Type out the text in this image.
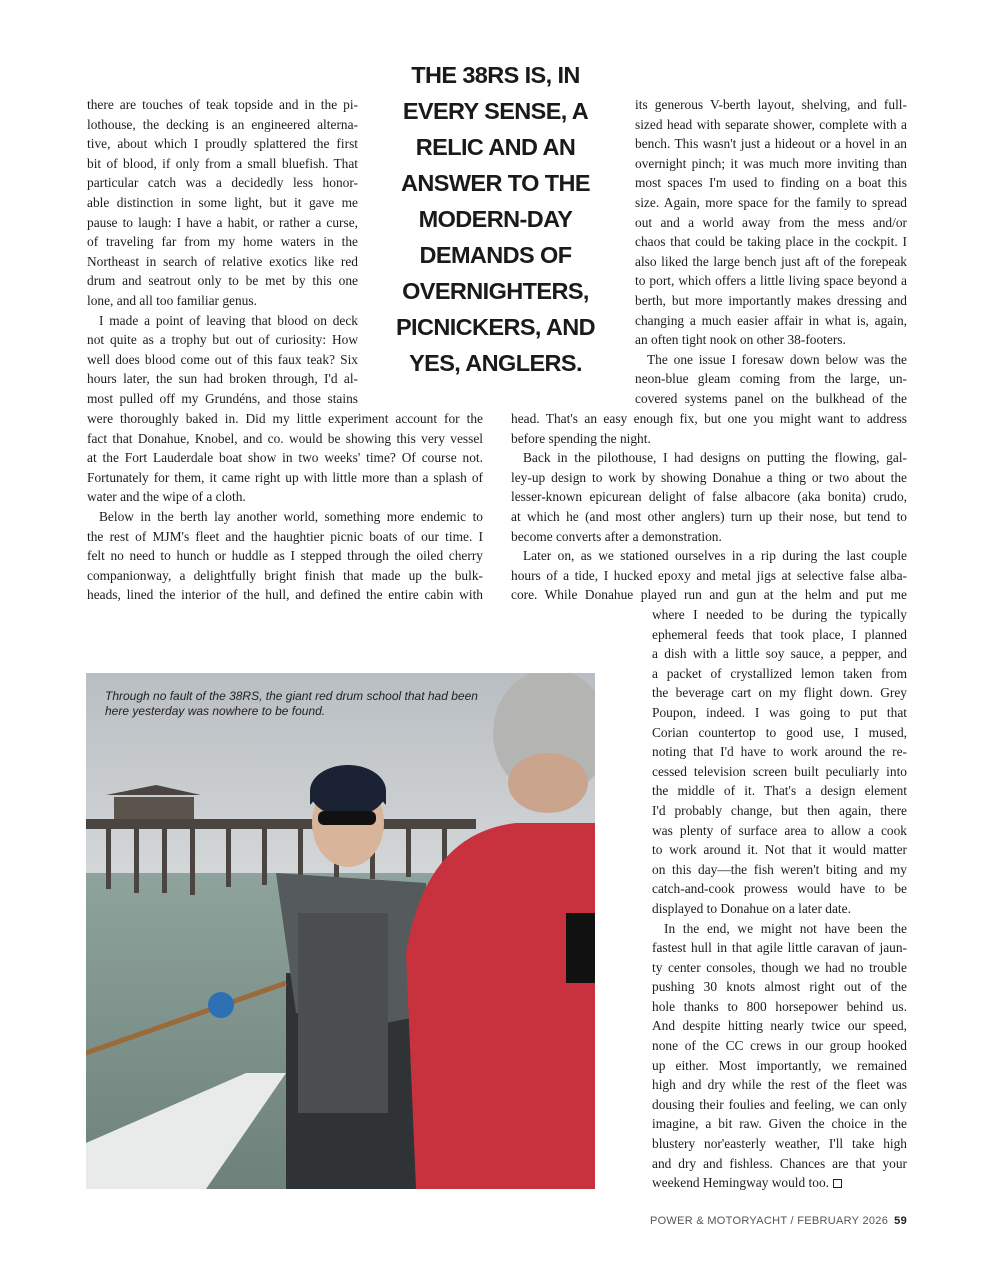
THE 38RS IS, IN EVERY SENSE, A RELIC AND AN ANSWER TO THE MODERN-DAY DEMANDS OF OVERNIGHTERS, PICNICKERS, AND YES, ANGLERS.
there are touches of teak topside and in the pi-
lothouse, the decking is an engineered alterna-
tive, about which I proudly splattered the first
bit of blood, if only from a small bluefish. That
particular catch was a decidedly less honor-
able distinction in some light, but it gave me
pause to laugh: I have a habit, or rather a curse,
of traveling far from my home waters in the
Northeast in search of relative exotics like red
drum and seatrout only to be met by this one
lone, and all too familiar genus.
I made a point of leaving that blood on deck
not quite as a trophy but out of curiosity: How
well does blood come out of this faux teak? Six
hours later, the sun had broken through, I'd al-
most pulled off my Grundéns, and those stains
were thoroughly baked in. Did my little experiment account for the
fact that Donahue, Knobel, and co. would be showing this very vessel
at the Fort Lauderdale boat show in two weeks' time? Of course not.
Fortunately for them, it came right up with little more than a splash of
water and the wipe of a cloth.
Below in the berth lay another world, something more endemic to
the rest of MJM's fleet and the haughtier picnic boats of our time. I
felt no need to hunch or huddle as I stepped through the oiled cherry
companionway, a delightfully bright finish that made up the bulk-
heads, lined the interior of the hull, and defined the entire cabin with
its generous V-berth layout, shelving, and full-
sized head with separate shower, complete with a
bench. This wasn't just a hideout or a hovel in an
overnight pinch; it was much more inviting than
most spaces I'm used to finding on a boat this
size. Again, more space for the family to spread
out and a world away from the mess and/or
chaos that could be taking place in the cockpit. I
also liked the large bench just aft of the forepeak
to port, which offers a little living space beyond a
berth, but more importantly makes dressing and
changing a much easier affair in what is, again,
an often tight nook on other 38-footers.
The one issue I foresaw down below was the
neon-blue gleam coming from the large, un-
covered systems panel on the bulkhead of the
head. That's an easy enough fix, but one you might want to address
before spending the night.
Back in the pilothouse, I had designs on putting the flowing, gal-
ley-up design to work by showing Donahue a thing or two about the
lesser-known epicurean delight of false albacore (aka bonita) crudo,
at which he (and most other anglers) turn up their nose, but tend to
become converts after a demonstration.
Later on, as we stationed ourselves in a rip during the last couple
hours of a tide, I hucked epoxy and metal jigs at selective false alba-
core. While Donahue played run and gun at the helm and put me
where I needed to be during the typically
ephemeral feeds that took place, I planned
a dish with a little soy sauce, a pepper, and
a packet of crystallized lemon taken from
the beverage cart on my flight down. Grey
Poupon, indeed. I was going to put that
Corian countertop to good use, I mused,
noting that I'd have to work around the re-
cessed television screen built peculiarly into
the middle of it. That's a design element
I'd probably change, but then again, there
was plenty of surface area to allow a cook
to work around it. Not that it would matter
on this day—the fish weren't biting and my
catch-and-cook prowess would have to be
displayed to Donahue on a later date.
In the end, we might not have been the
fastest hull in that agile little caravan of jaun-
ty center consoles, though we had no trouble
pushing 30 knots almost right out of the
hole thanks to 800 horsepower behind us.
And despite hitting nearly twice our speed,
none of the CC crews in our group hooked
up either. Most importantly, we remained
high and dry while the rest of the fleet was
dousing their foulies and feeling, we can only
imagine, a bit raw. Given the choice in the
blustery nor'easterly weather, I'll take high
and dry and fishless. Chances are that your
weekend Hemingway would too.
Through no fault of the 38RS, the giant red drum school that had been here yesterday was nowhere to be found.
POWER & MOTORYACHT / FEBRUARY 2026 59
